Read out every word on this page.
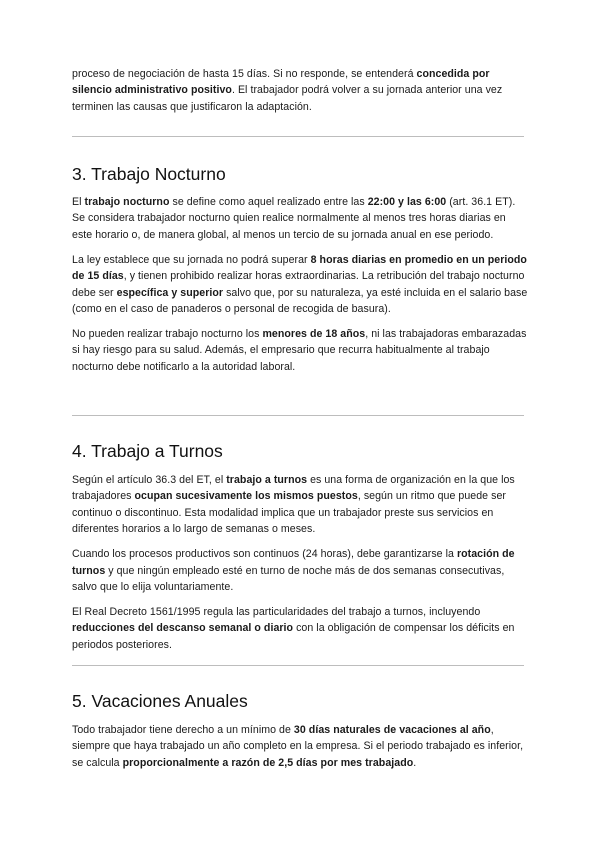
proceso de negociación de hasta 15 días. Si no responde, se entenderá concedida por silencio administrativo positivo. El trabajador podrá volver a su jornada anterior una vez terminen las causas que justificaron la adaptación.

3. Trabajo Nocturno

El trabajo nocturno se define como aquel realizado entre las 22:00 y las 6:00 (art. 36.1 ET). Se considera trabajador nocturno quien realice normalmente al menos tres horas diarias en este horario o, de manera global, al menos un tercio de su jornada anual en ese periodo.

La ley establece que su jornada no podrá superar 8 horas diarias en promedio en un periodo de 15 días, y tienen prohibido realizar horas extraordinarias. La retribución del trabajo nocturno debe ser específica y superior salvo que, por su naturaleza, ya esté incluida en el salario base (como en el caso de panaderos o personal de recogida de basura).

No pueden realizar trabajo nocturno los menores de 18 años, ni las trabajadoras embarazadas si hay riesgo para su salud. Además, el empresario que recurra habitualmente al trabajo nocturno debe notificarlo a la autoridad laboral.

4. Trabajo a Turnos

Según el artículo 36.3 del ET, el trabajo a turnos es una forma de organización en la que los trabajadores ocupan sucesivamente los mismos puestos, según un ritmo que puede ser continuo o discontinuo. Esta modalidad implica que un trabajador preste sus servicios en diferentes horarios a lo largo de semanas o meses.

Cuando los procesos productivos son continuos (24 horas), debe garantizarse la rotación de turnos y que ningún empleado esté en turno de noche más de dos semanas consecutivas, salvo que lo elija voluntariamente.

El Real Decreto 1561/1995 regula las particularidades del trabajo a turnos, incluyendo reducciones del descanso semanal o diario con la obligación de compensar los déficits en periodos posteriores.

5. Vacaciones Anuales

Todo trabajador tiene derecho a un mínimo de 30 días naturales de vacaciones al año, siempre que haya trabajado un año completo en la empresa. Si el periodo trabajado es inferior, se calcula proporcionalmente a razón de 2,5 días por mes trabajado.
